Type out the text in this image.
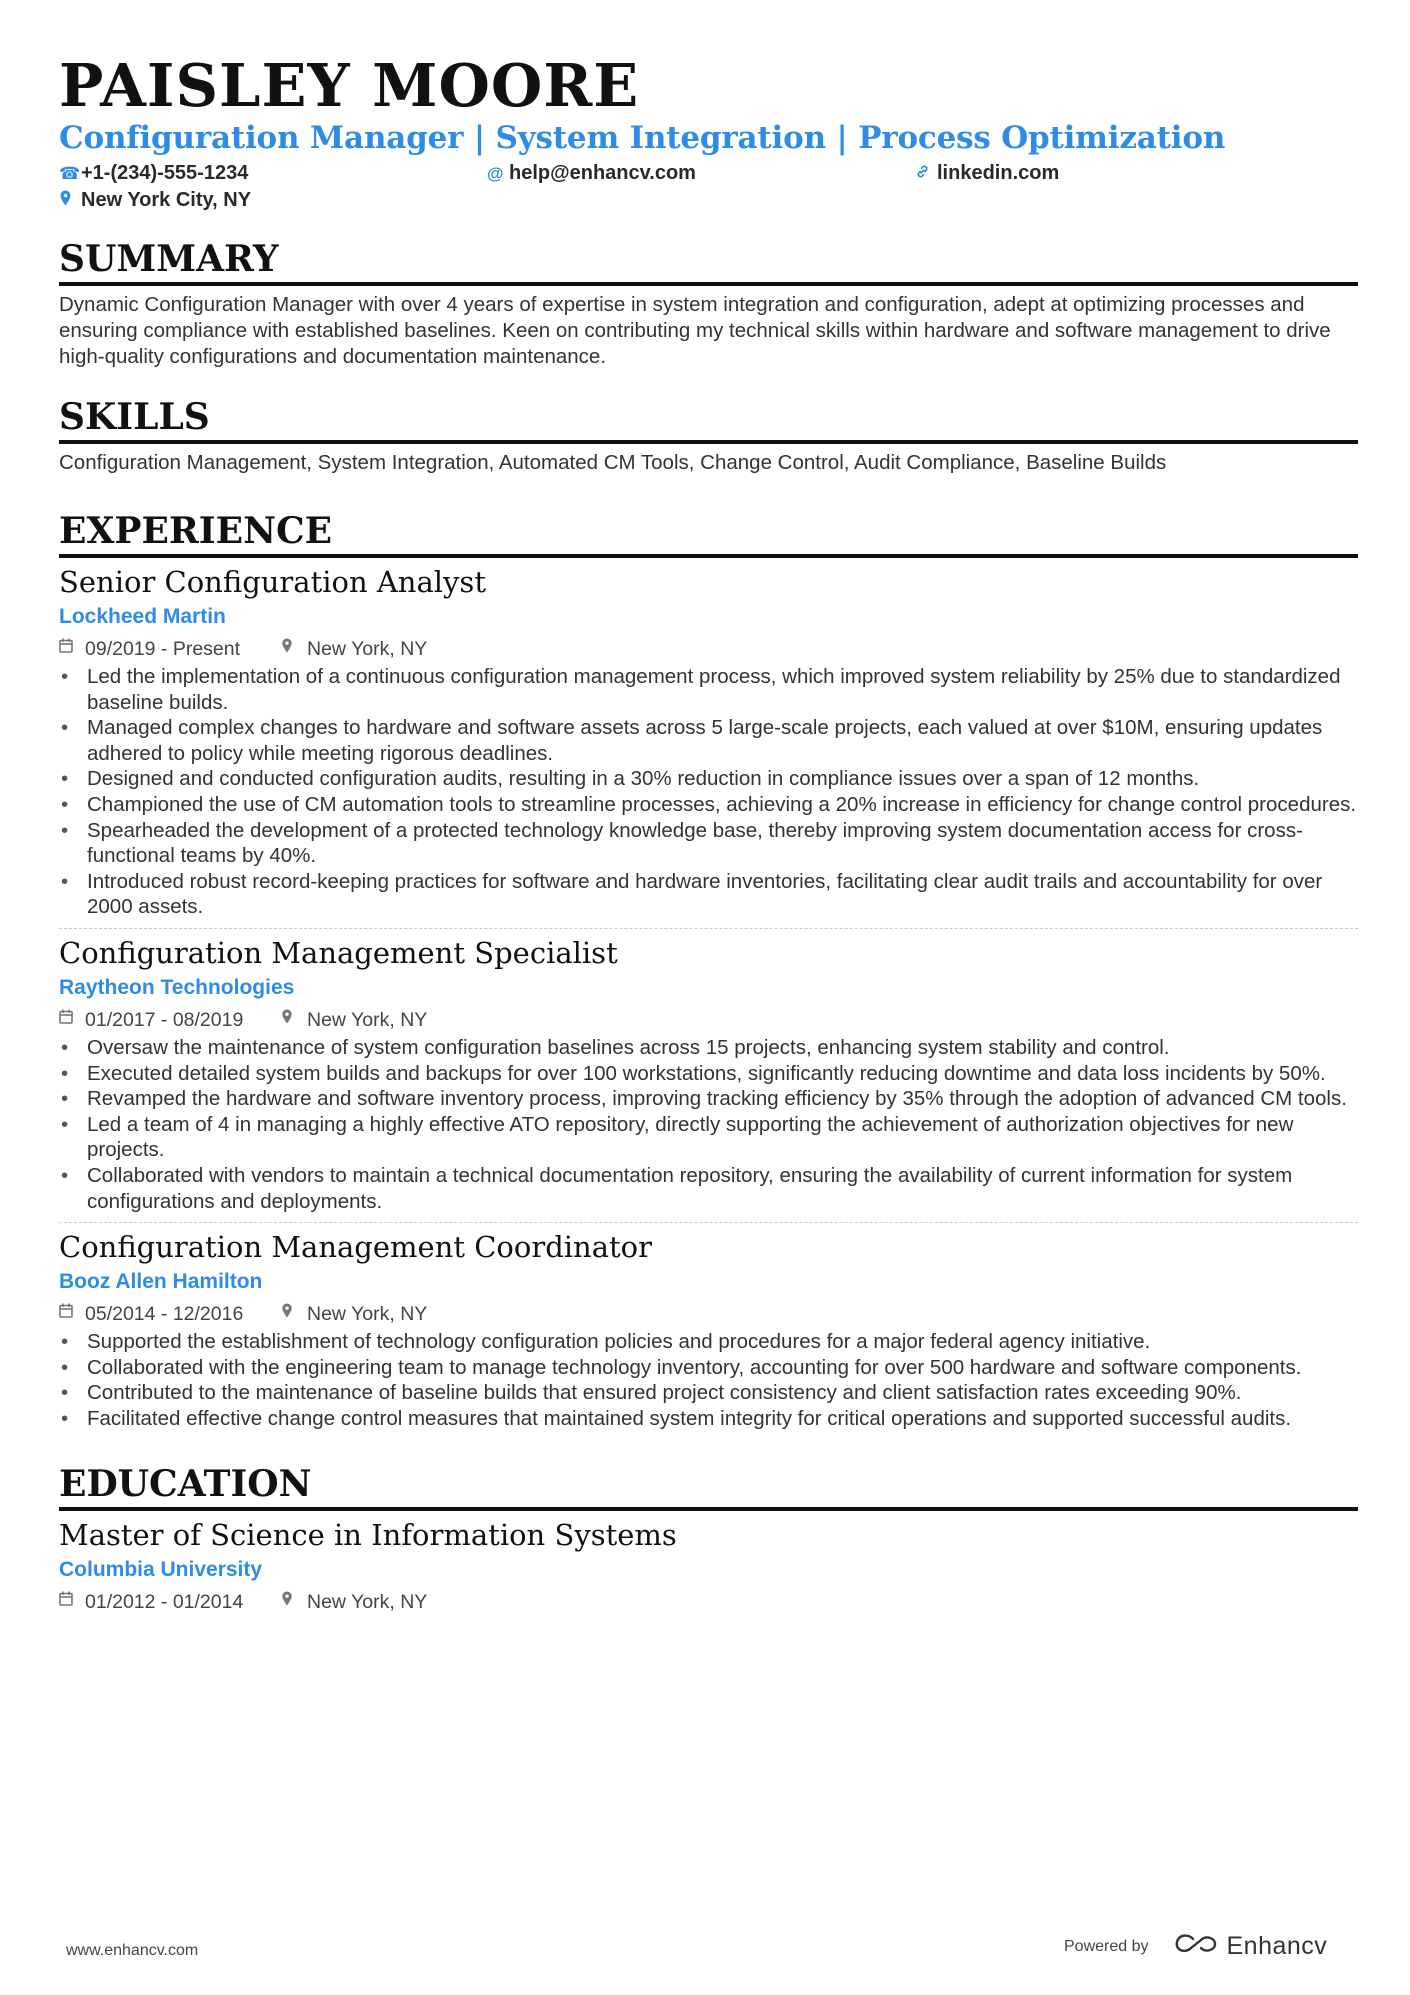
PAISLEY MOORE
Configuration Manager | System Integration | Process Optimization
☎ +1-(234)-555-1234	@ help@enhancv.com	linkedin.com
New York City, NY
SUMMARY
Dynamic Configuration Manager with over 4 years of expertise in system integration and configuration, adept at optimizing processes and ensuring compliance with established baselines. Keen on contributing my technical skills within hardware and software management to drive high-quality configurations and documentation maintenance.
SKILLS
Configuration Management, System Integration, Automated CM Tools, Change Control, Audit Compliance, Baseline Builds
EXPERIENCE
Senior Configuration Analyst
Lockheed Martin
09/2019 - Present	New York, NY
• Led the implementation of a continuous configuration management process, which improved system reliability by 25% due to standardized baseline builds.
• Managed complex changes to hardware and software assets across 5 large-scale projects, each valued at over $10M, ensuring updates adhered to policy while meeting rigorous deadlines.
• Designed and conducted configuration audits, resulting in a 30% reduction in compliance issues over a span of 12 months.
• Championed the use of CM automation tools to streamline processes, achieving a 20% increase in efficiency for change control procedures.
• Spearheaded the development of a protected technology knowledge base, thereby improving system documentation access for cross-functional teams by 40%.
• Introduced robust record-keeping practices for software and hardware inventories, facilitating clear audit trails and accountability for over 2000 assets.
Configuration Management Specialist
Raytheon Technologies
01/2017 - 08/2019	New York, NY
• Oversaw the maintenance of system configuration baselines across 15 projects, enhancing system stability and control.
• Executed detailed system builds and backups for over 100 workstations, significantly reducing downtime and data loss incidents by 50%.
• Revamped the hardware and software inventory process, improving tracking efficiency by 35% through the adoption of advanced CM tools.
• Led a team of 4 in managing a highly effective ATO repository, directly supporting the achievement of authorization objectives for new projects.
• Collaborated with vendors to maintain a technical documentation repository, ensuring the availability of current information for system configurations and deployments.
Configuration Management Coordinator
Booz Allen Hamilton
05/2014 - 12/2016	New York, NY
• Supported the establishment of technology configuration policies and procedures for a major federal agency initiative.
• Collaborated with the engineering team to manage technology inventory, accounting for over 500 hardware and software components.
• Contributed to the maintenance of baseline builds that ensured project consistency and client satisfaction rates exceeding 90%.
• Facilitated effective change control measures that maintained system integrity for critical operations and supported successful audits.
EDUCATION
Master of Science in Information Systems
Columbia University
01/2012 - 01/2014	New York, NY
www.enhancv.com	Powered by	Enhancv
